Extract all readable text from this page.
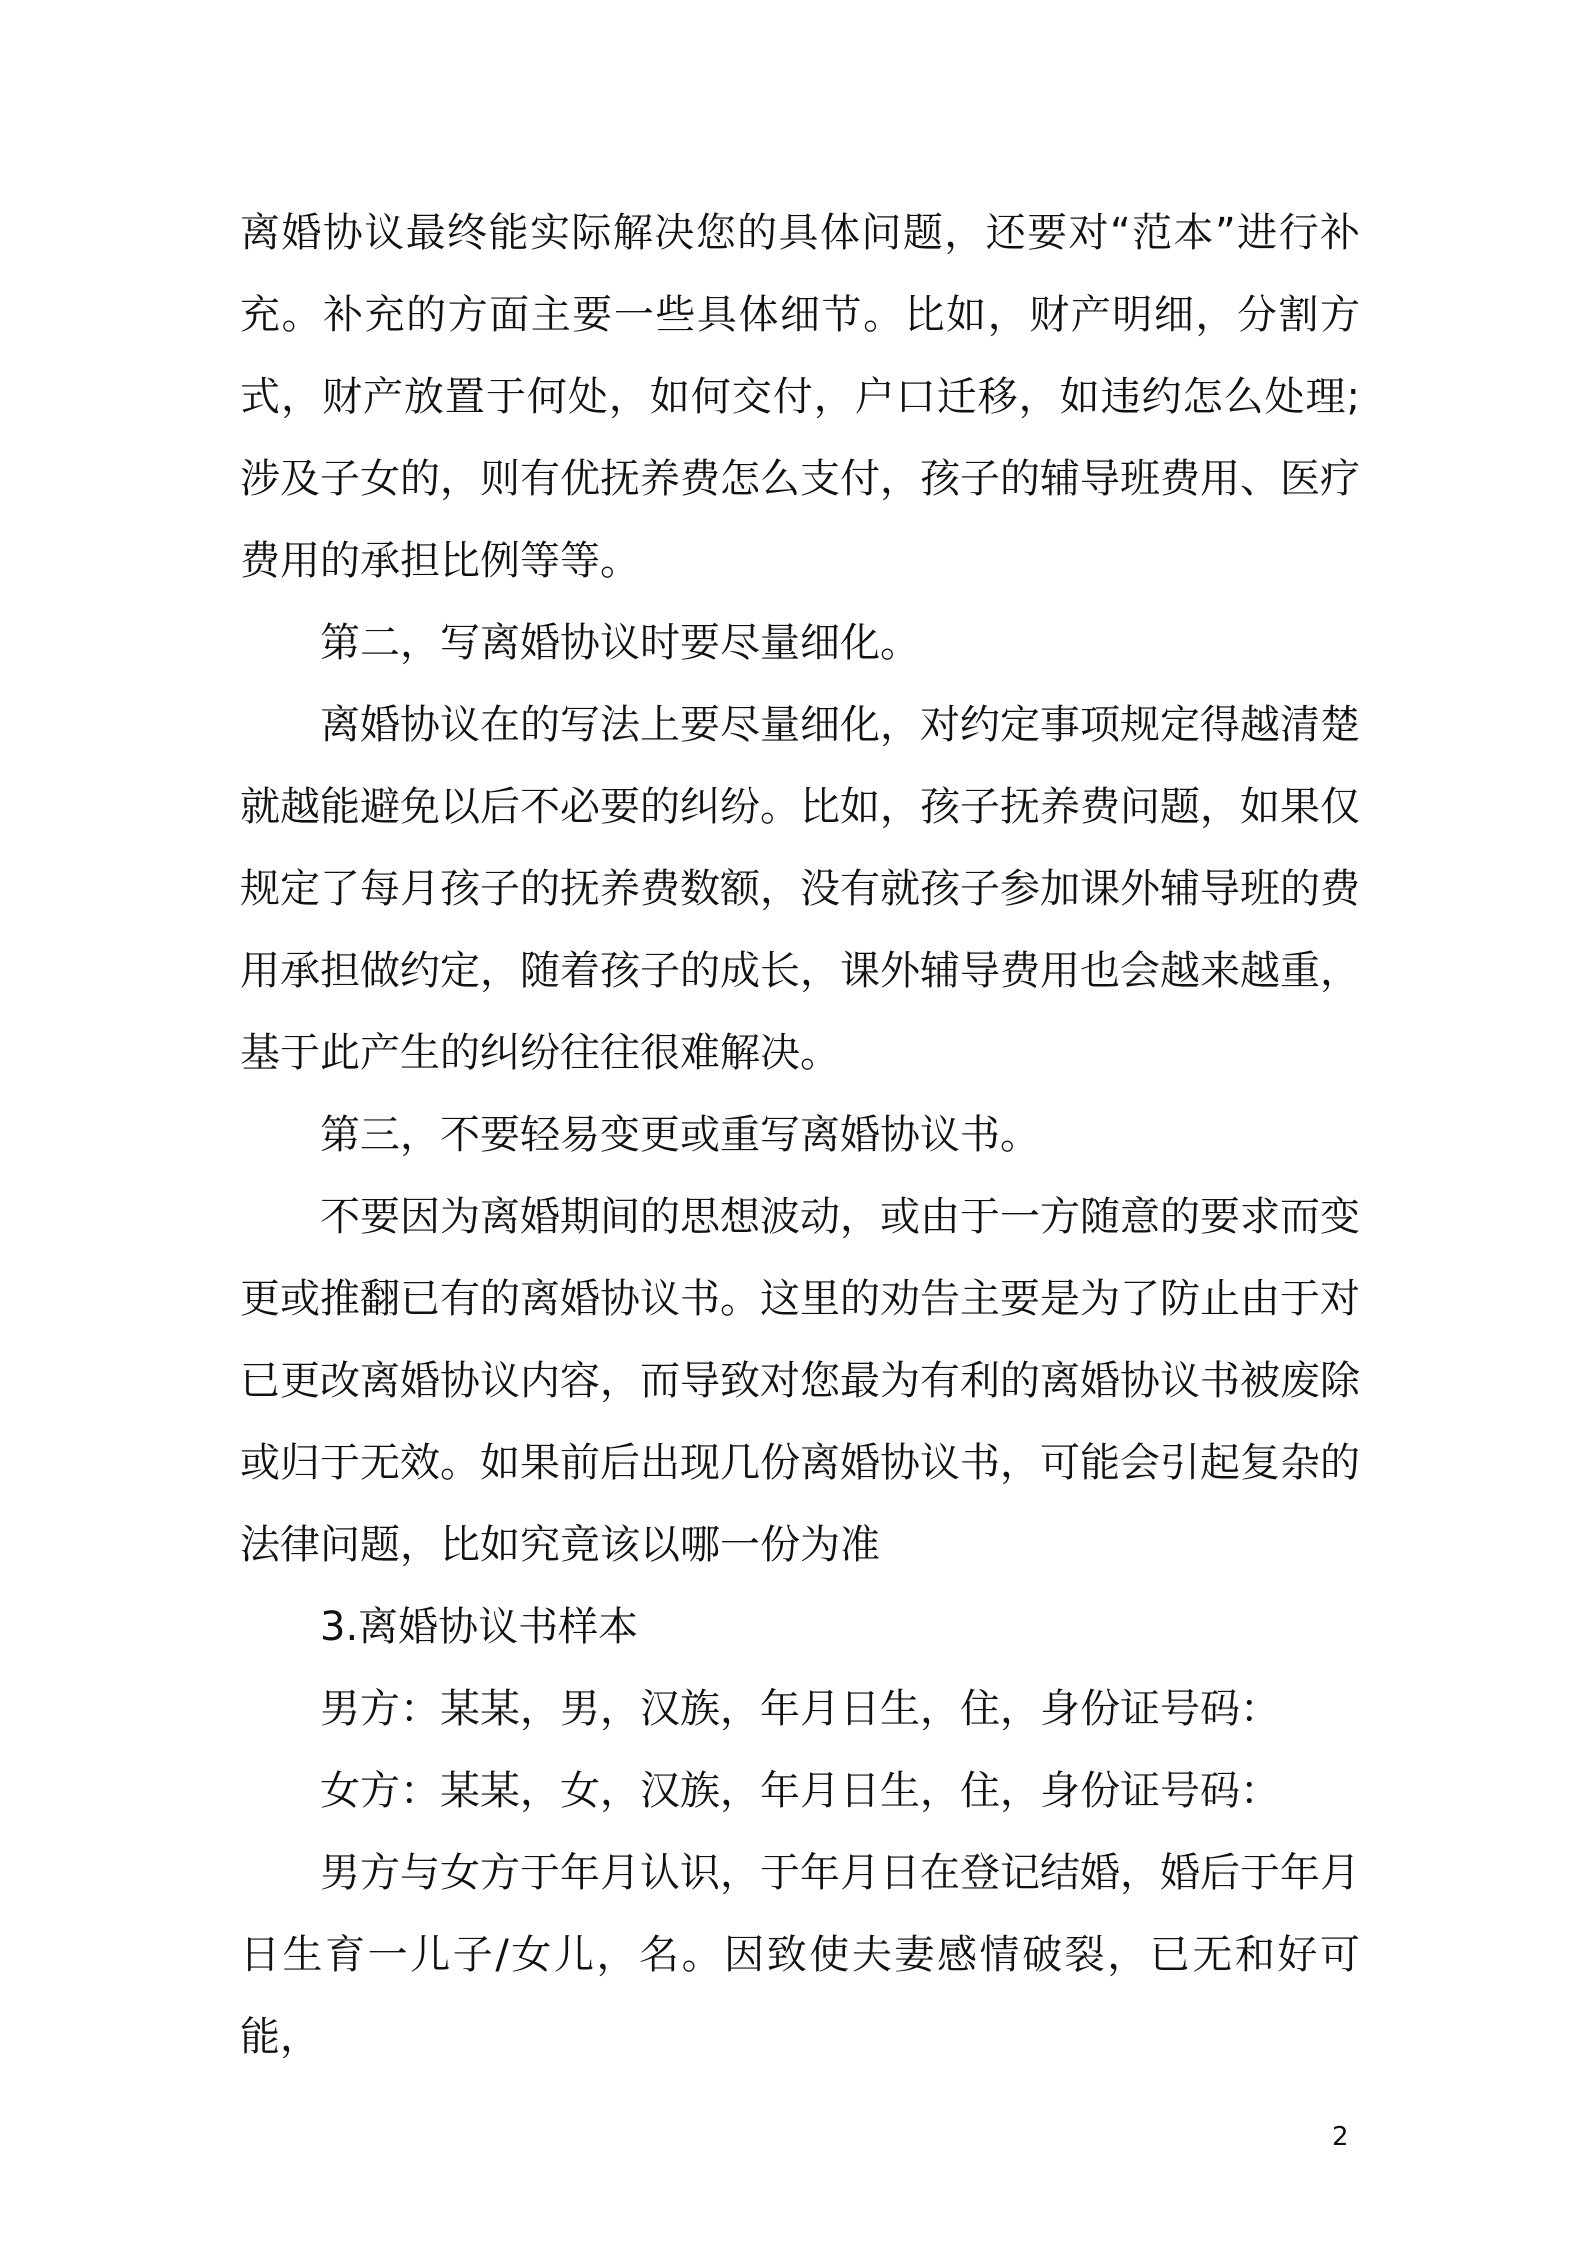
离婚协议最终能实际解决您的具体问题，还要对“范本”进行补充。补充的方面主要一些具体细节。比如，财产明细，分割方式，财产放置于何处，如何交付，户口迁移，如违约怎么处理;涉及子女的，则有优抚养费怎么支付，孩子的辅导班费用、医疗费用的承担比例等等。

第二，写离婚协议时要尽量细化。

离婚协议在的写法上要尽量细化，对约定事项规定得越清楚就越能避免以后不必要的纠纷。比如，孩子抚养费问题，如果仅规定了每月孩子的抚养费数额，没有就孩子参加课外辅导班的费用承担做约定，随着孩子的成长，课外辅导费用也会越来越重，基于此产生的纠纷往往很难解决。

第三，不要轻易变更或重写离婚协议书。

不要因为离婚期间的思想波动，或由于一方随意的要求而变更或推翻已有的离婚协议书。这里的劝告主要是为了防止由于对已更改离婚协议内容，而导致对您最为有利的离婚协议书被废除或归于无效。如果前后出现几份离婚协议书，可能会引起复杂的法律问题，比如究竟该以哪一份为准

3.离婚协议书样本

男方：某某，男，汉族，年月日生，住，身份证号码：

女方：某某，女，汉族，年月日生，住，身份证号码：

男方与女方于年月认识，于年月日在登记结婚，婚后于年月日生育一儿子/女儿，名。因致使夫妻感情破裂，已无和好可能，

2
